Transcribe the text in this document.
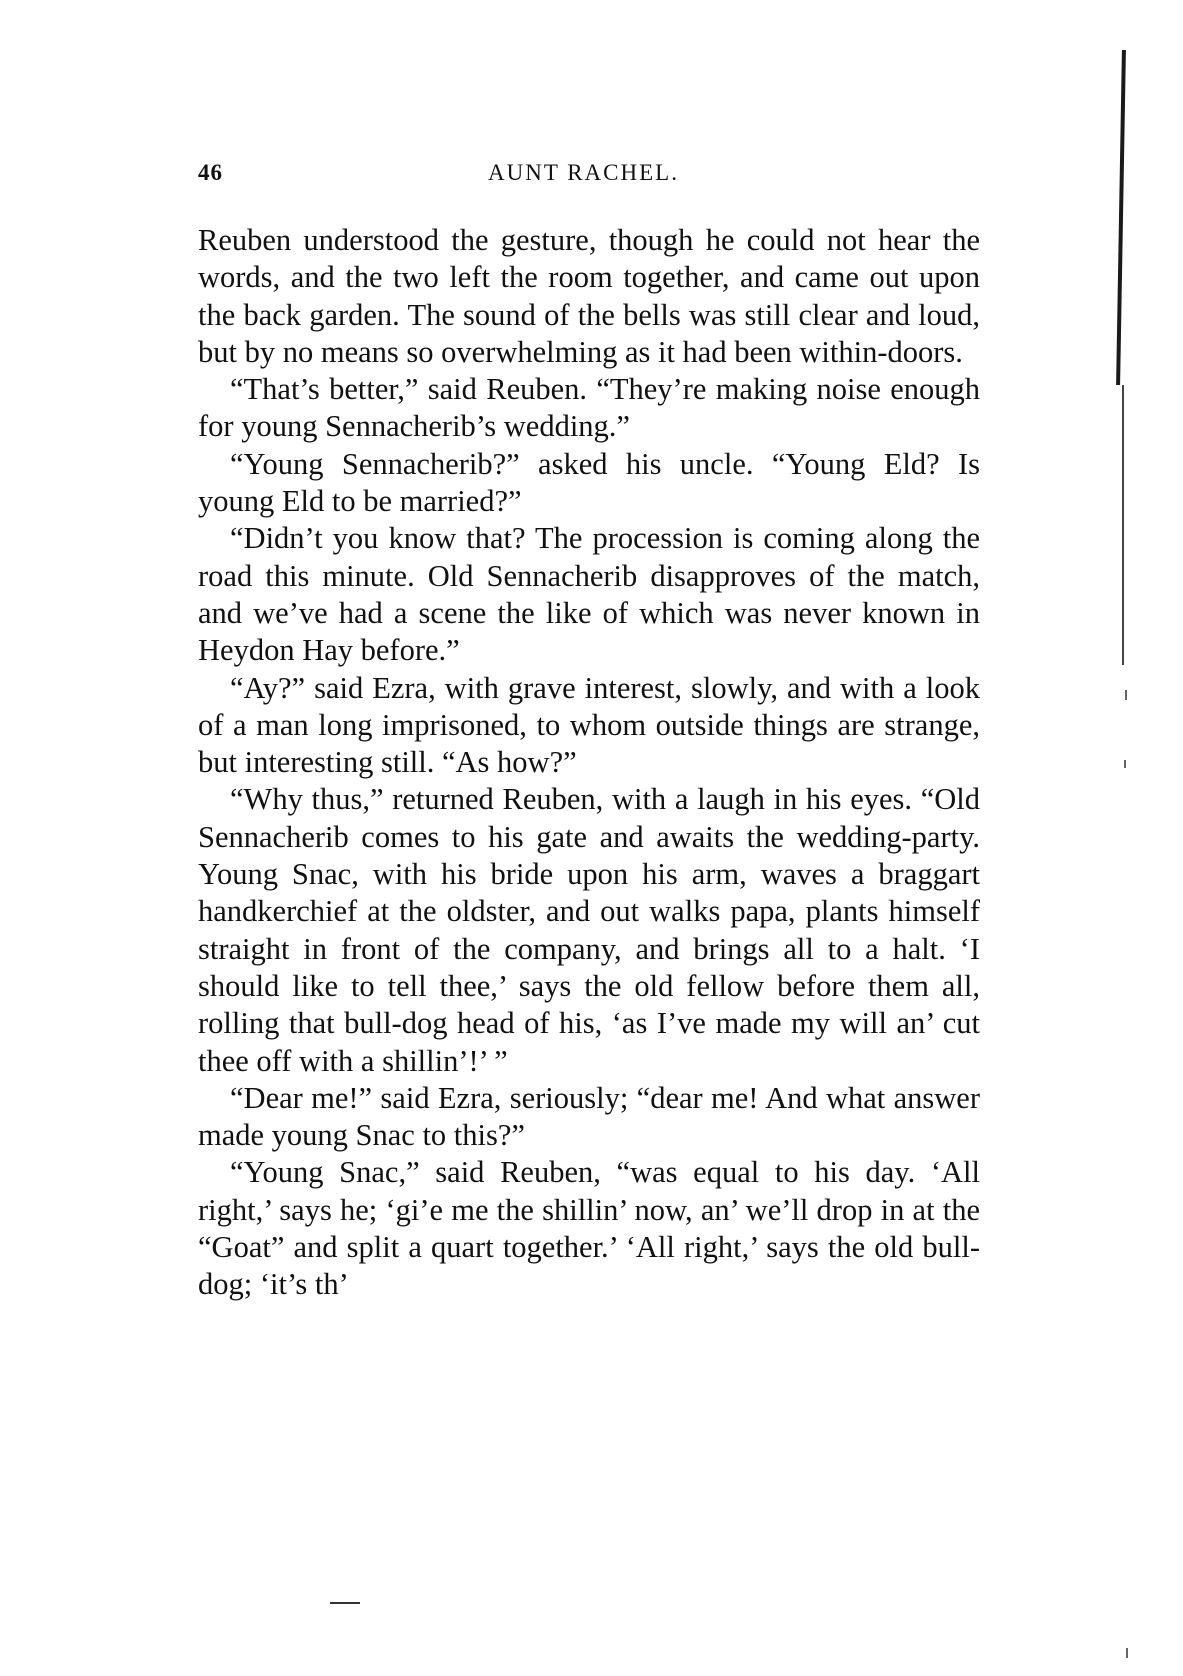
46	AUNT RACHEL.

Reuben understood the gesture, though he could not hear the words, and the two left the room together, and came out upon the back garden. The sound of the bells was still clear and loud, but by no means so overwhelming as it had been within-doors.

“That’s better,” said Reuben. “They’re making noise enough for young Sennacherib’s wedding.”

“Young Sennacherib?” asked his uncle. “Young Eld? Is young Eld to be married?”

“Didn’t you know that? The procession is coming along the road this minute. Old Sennacherib disapproves of the match, and we’ve had a scene the like of which was never known in Heydon Hay before.”

“Ay?” said Ezra, with grave interest, slowly, and with a look of a man long imprisoned, to whom outside things are strange, but interesting still. “As how?”

“Why thus,” returned Reuben, with a laugh in his eyes. “Old Sennacherib comes to his gate and awaits the wedding-party. Young Snac, with his bride upon his arm, waves a braggart handkerchief at the oldster, and out walks papa, plants himself straight in front of the company, and brings all to a halt. ‘I should like to tell thee,’ says the old fellow before them all, rolling that bull-dog head of his, ‘as I’ve made my will an’ cut thee off with a shillin’!’ ”

“Dear me!” said Ezra, seriously; “dear me! And what answer made young Snac to this?”

“Young Snac,” said Reuben, “was equal to his day. ‘All right,’ says he; ‘gi’e me the shillin’ now, an’ we’ll drop in at the “Goat” and split a quart together.’ ‘All right,’ says the old bull-dog; ‘it’s th’
